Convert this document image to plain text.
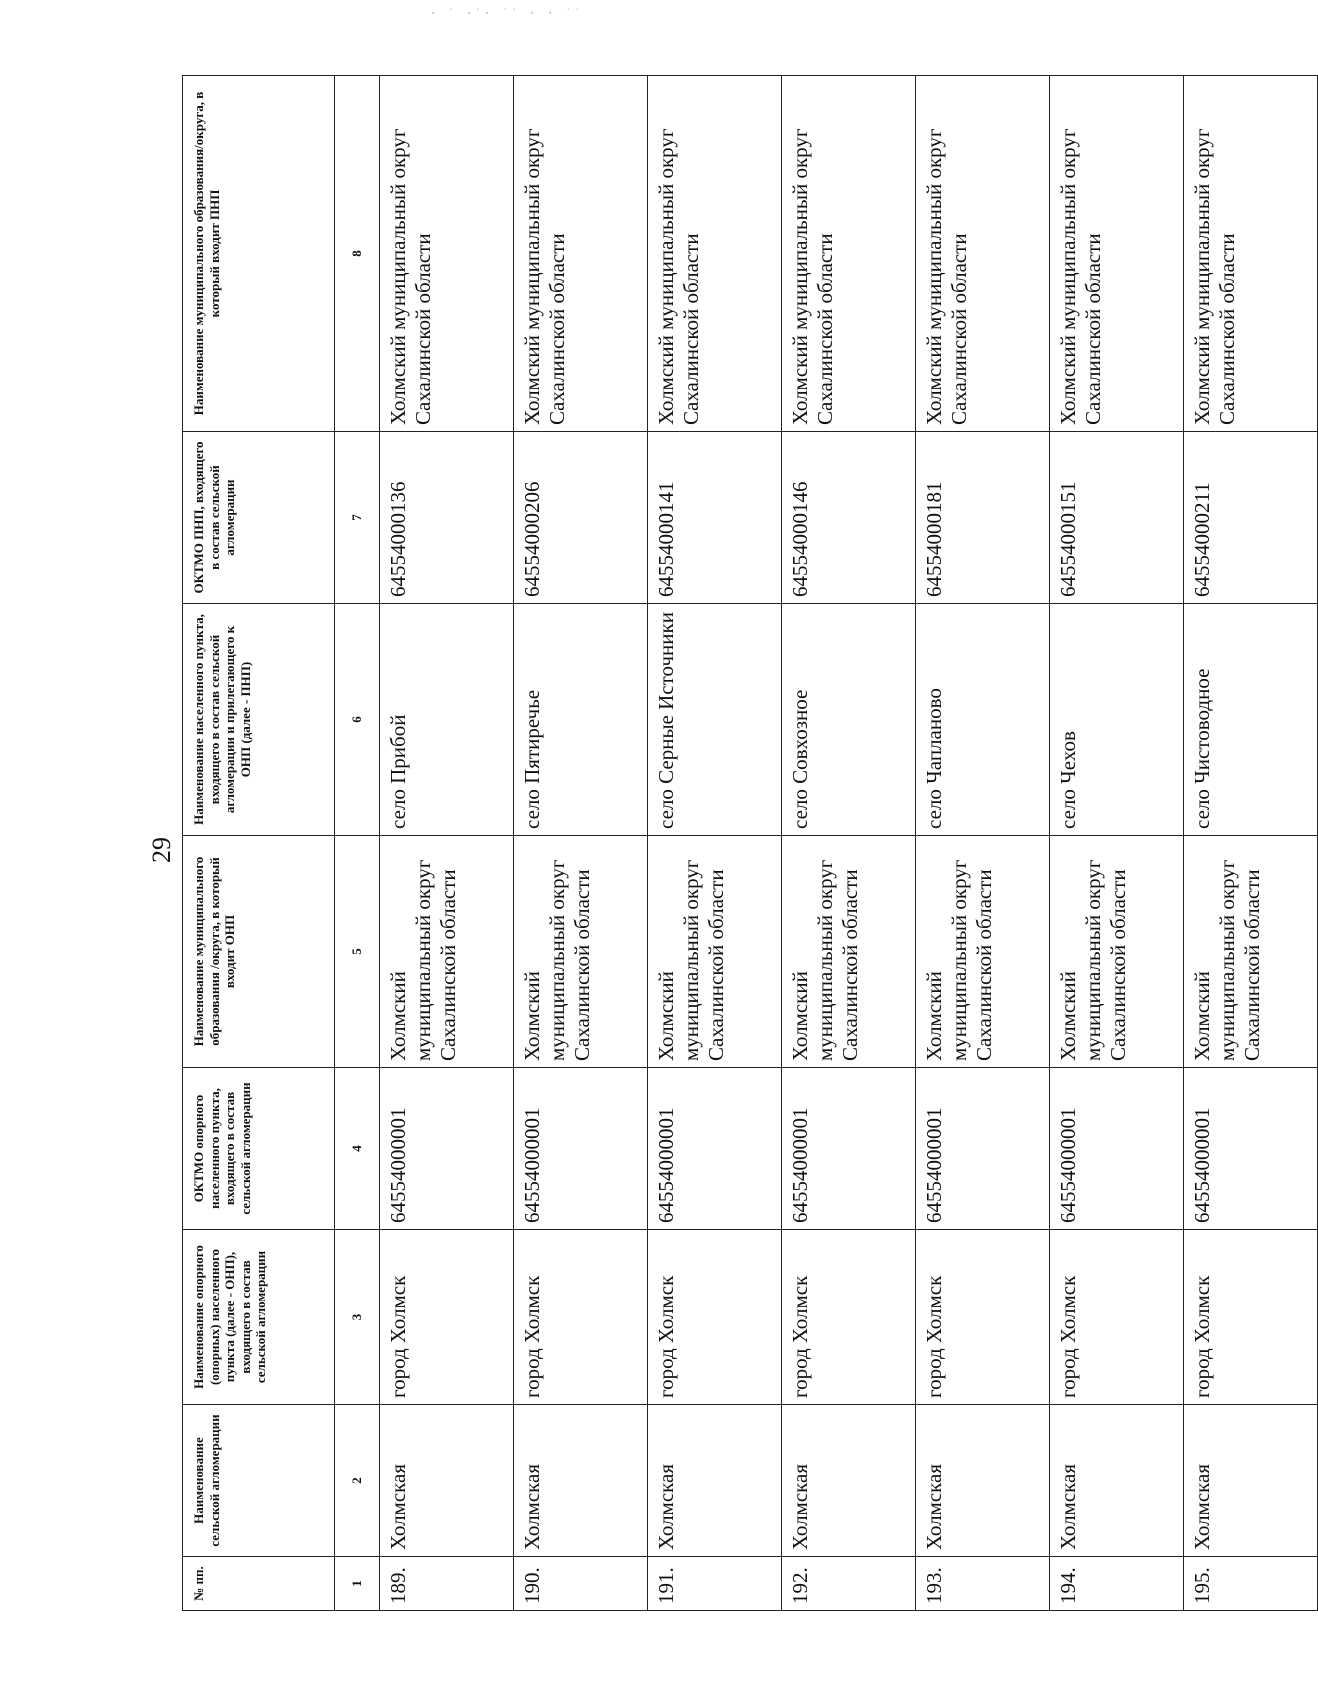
· ˙ ·˙· ˙˙ · · ˙˙
29
№ пп.	Наименование сельской агломерации	Наименование опорного (опорных) населенного пункта (далее - ОНП), входящего в состав сельской агломерации	ОКТМО опорного населенного пункта, входящего в состав сельской агломерации	Наименование муниципального образования /округа, в который входит ОНП	Наименование населенного пункта, входящего в состав сельской агломерации и прилегающего к ОНП (далее - ПНП)	ОКТМО ПНП, входящего в состав сельской агломерации	Наименование муниципального образования/округа, в который входит ПНП
1	2	3	4	5	6	7	8
189.	Холмская	город Холмск	64554000001	Холмский муниципальный округ Сахалинской области	село Прибой	64554000136	Холмский муниципальный округ Сахалинской области
190.	Холмская	город Холмск	64554000001	Холмский муниципальный округ Сахалинской области	село Пятиречье	64554000206	Холмский муниципальный округ Сахалинской области
191.	Холмская	город Холмск	64554000001	Холмский муниципальный округ Сахалинской области	село Серные Источники	64554000141	Холмский муниципальный округ Сахалинской области
192.	Холмская	город Холмск	64554000001	Холмский муниципальный округ Сахалинской области	село Совхозное	64554000146	Холмский муниципальный округ Сахалинской области
193.	Холмская	город Холмск	64554000001	Холмский муниципальный округ Сахалинской области	село Чапланово	64554000181	Холмский муниципальный округ Сахалинской области
194.	Холмская	город Холмск	64554000001	Холмский муниципальный округ Сахалинской области	село Чехов	64554000151	Холмский муниципальный округ Сахалинской области
195.	Холмская	город Холмск	64554000001	Холмский муниципальный округ Сахалинской области	село Чистоводное	64554000211	Холмский муниципальный округ Сахалинской области
